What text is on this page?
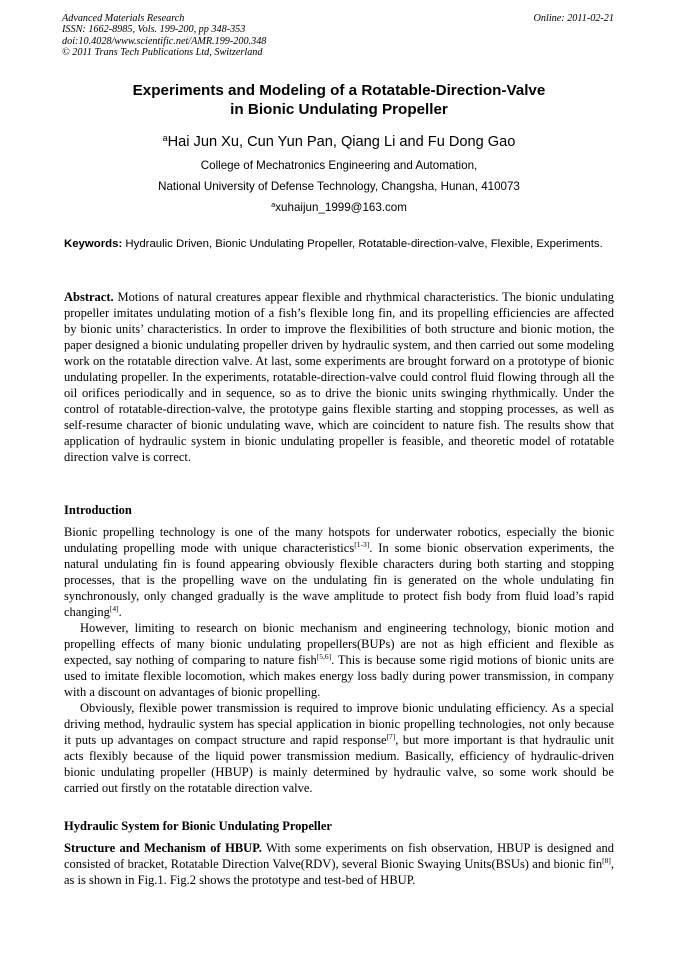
Advanced Materials Research
ISSN: 1662-8985, Vols. 199-200, pp 348-353
doi:10.4028/www.scientific.net/AMR.199-200.348
© 2011 Trans Tech Publications Ltd, Switzerland
Online: 2011-02-21
Experiments and Modeling of a Rotatable-Direction-Valve
in Bionic Undulating Propeller
$^a$Hai Jun Xu, Cun Yun Pan, Qiang Li and Fu Dong Gao
College of Mechatronics Engineering and Automation,
National University of Defense Technology, Changsha, Hunan, 410073
$^a$xuhaijun_1999@163.com
Keywords: Hydraulic Driven, Bionic Undulating Propeller, Rotatable-direction-valve, Flexible, Experiments.

Abstract. Motions of natural creatures appear flexible and rhythmical characteristics. The bionic undulating propeller imitates undulating motion of a fish’s flexible long fin, and its propelling efficiencies are affected by bionic units’ characteristics. In order to improve the flexibilities of both structure and bionic motion, the paper designed a bionic undulating propeller driven by hydraulic system, and then carried out some modeling work on the rotatable direction valve. At last, some experiments are brought forward on a prototype of bionic undulating propeller. In the experiments, rotatable-direction-valve could control fluid flowing through all the oil orifices periodically and in sequence, so as to drive the bionic units swinging rhythmically. Under the control of rotatable-direction-valve, the prototype gains flexible starting and stopping processes, as well as self-resume character of bionic undulating wave, which are coincident to nature fish. The results show that application of hydraulic system in bionic undulating propeller is feasible, and theoretic model of rotatable direction valve is correct.

Introduction

Bionic propelling technology is one of the many hotspots for underwater robotics, especially the bionic undulating propelling mode with unique characteristics[1-3]. In some bionic observation experiments, the natural undulating fin is found appearing obviously flexible characters during both starting and stopping processes, that is the propelling wave on the undulating fin is generated on the whole undulating fin synchronously, only changed gradually is the wave amplitude to protect fish body from fluid load’s rapid changing[4].

However, limiting to research on bionic mechanism and engineering technology, bionic motion and propelling effects of many bionic undulating propellers(BUPs) are not as high efficient and flexible as expected, say nothing of comparing to nature fish[5,6]. This is because some rigid motions of bionic units are used to imitate flexible locomotion, which makes energy loss badly during power transmission, in company with a discount on advantages of bionic propelling.

Obviously, flexible power transmission is required to improve bionic undulating efficiency. As a special driving method, hydraulic system has special application in bionic propelling technologies, not only because it puts up advantages on compact structure and rapid response[7], but more important is that hydraulic unit acts flexibly because of the liquid power transmission medium. Basically, efficiency of hydraulic-driven bionic undulating propeller (HBUP) is mainly determined by hydraulic valve, so some work should be carried out firstly on the rotatable direction valve.

Hydraulic System for Bionic Undulating Propeller

Structure and Mechanism of HBUP. With some experiments on fish observation, HBUP is designed and consisted of bracket, Rotatable Direction Valve(RDV), several Bionic Swaying Units(BSUs) and bionic fin[8], as is shown in Fig.1. Fig.2 shows the prototype and test-bed of HBUP.
